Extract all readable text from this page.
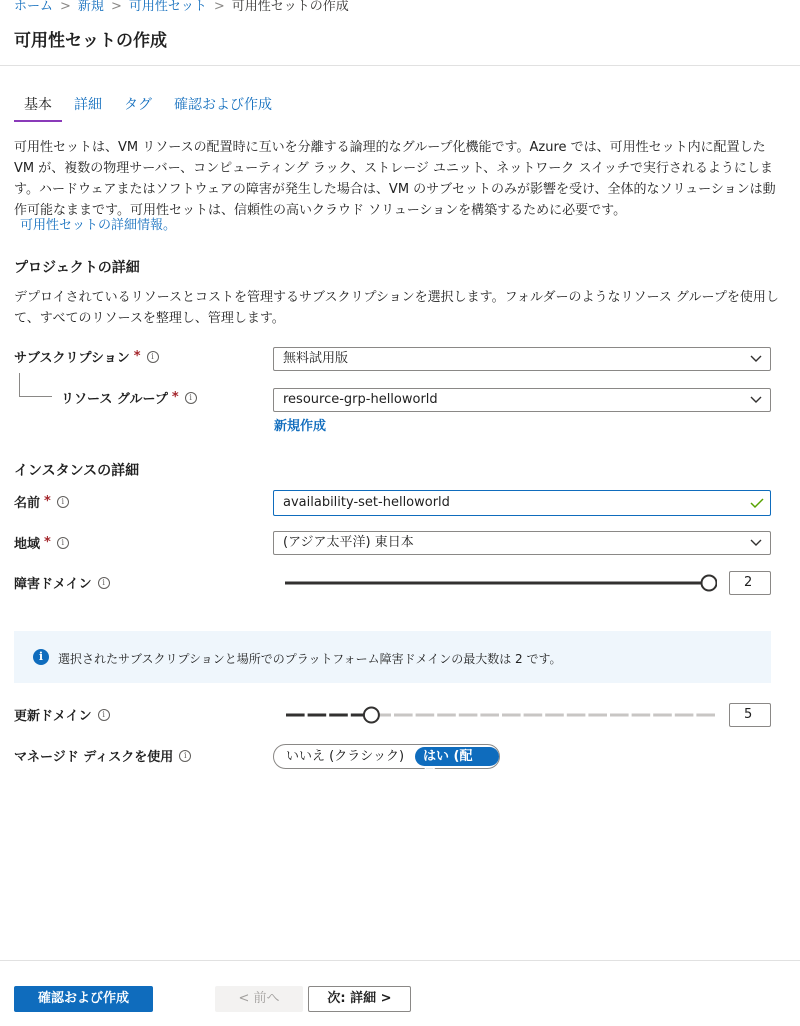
ホーム > 新規 > 可用性セット > 可用性セットの作成
可用性セットの作成
基本	詳細	タグ	確認および作成
可用性セットは、VM リソースの配置時に互いを分離する論理的なグループ化機能です。Azure では、可用性セット内に配置した VM が、複数の物理サーバー、コンピューティング ラック、ストレージ ユニット、ネットワーク スイッチで実行されるようにします。ハードウェアまたはソフトウェアの障害が発生した場合は、VM のサブセットのみが影響を受け、全体的なソリューションは動作可能なままです。可用性セットは、信頼性の高いクラウド ソリューションを構築するために必要です。
可用性セットの詳細情報。
プロジェクトの詳細
デプロイされているリソースとコストを管理するサブスクリプションを選択します。フォルダーのようなリソース グループを使用して、すべてのリソースを整理し、管理します。
サブスクリプション *	i	無料試用版
リソース グループ *	i	resource-grp-helloworld
新規作成
インスタンスの詳細
名前 *	i	availability-set-helloworld
地域 *	i	(アジア太平洋) 東日本
障害ドメイン	i	2
i	選択されたサブスクリプションと場所でのプラットフォーム障害ドメインの最大数は 2 です。
更新ドメイン	i	5
マネージド ディスクを使用	i	いいえ (クラシック)	はい (配置)
確認および作成	< 前へ	次: 詳細 >
